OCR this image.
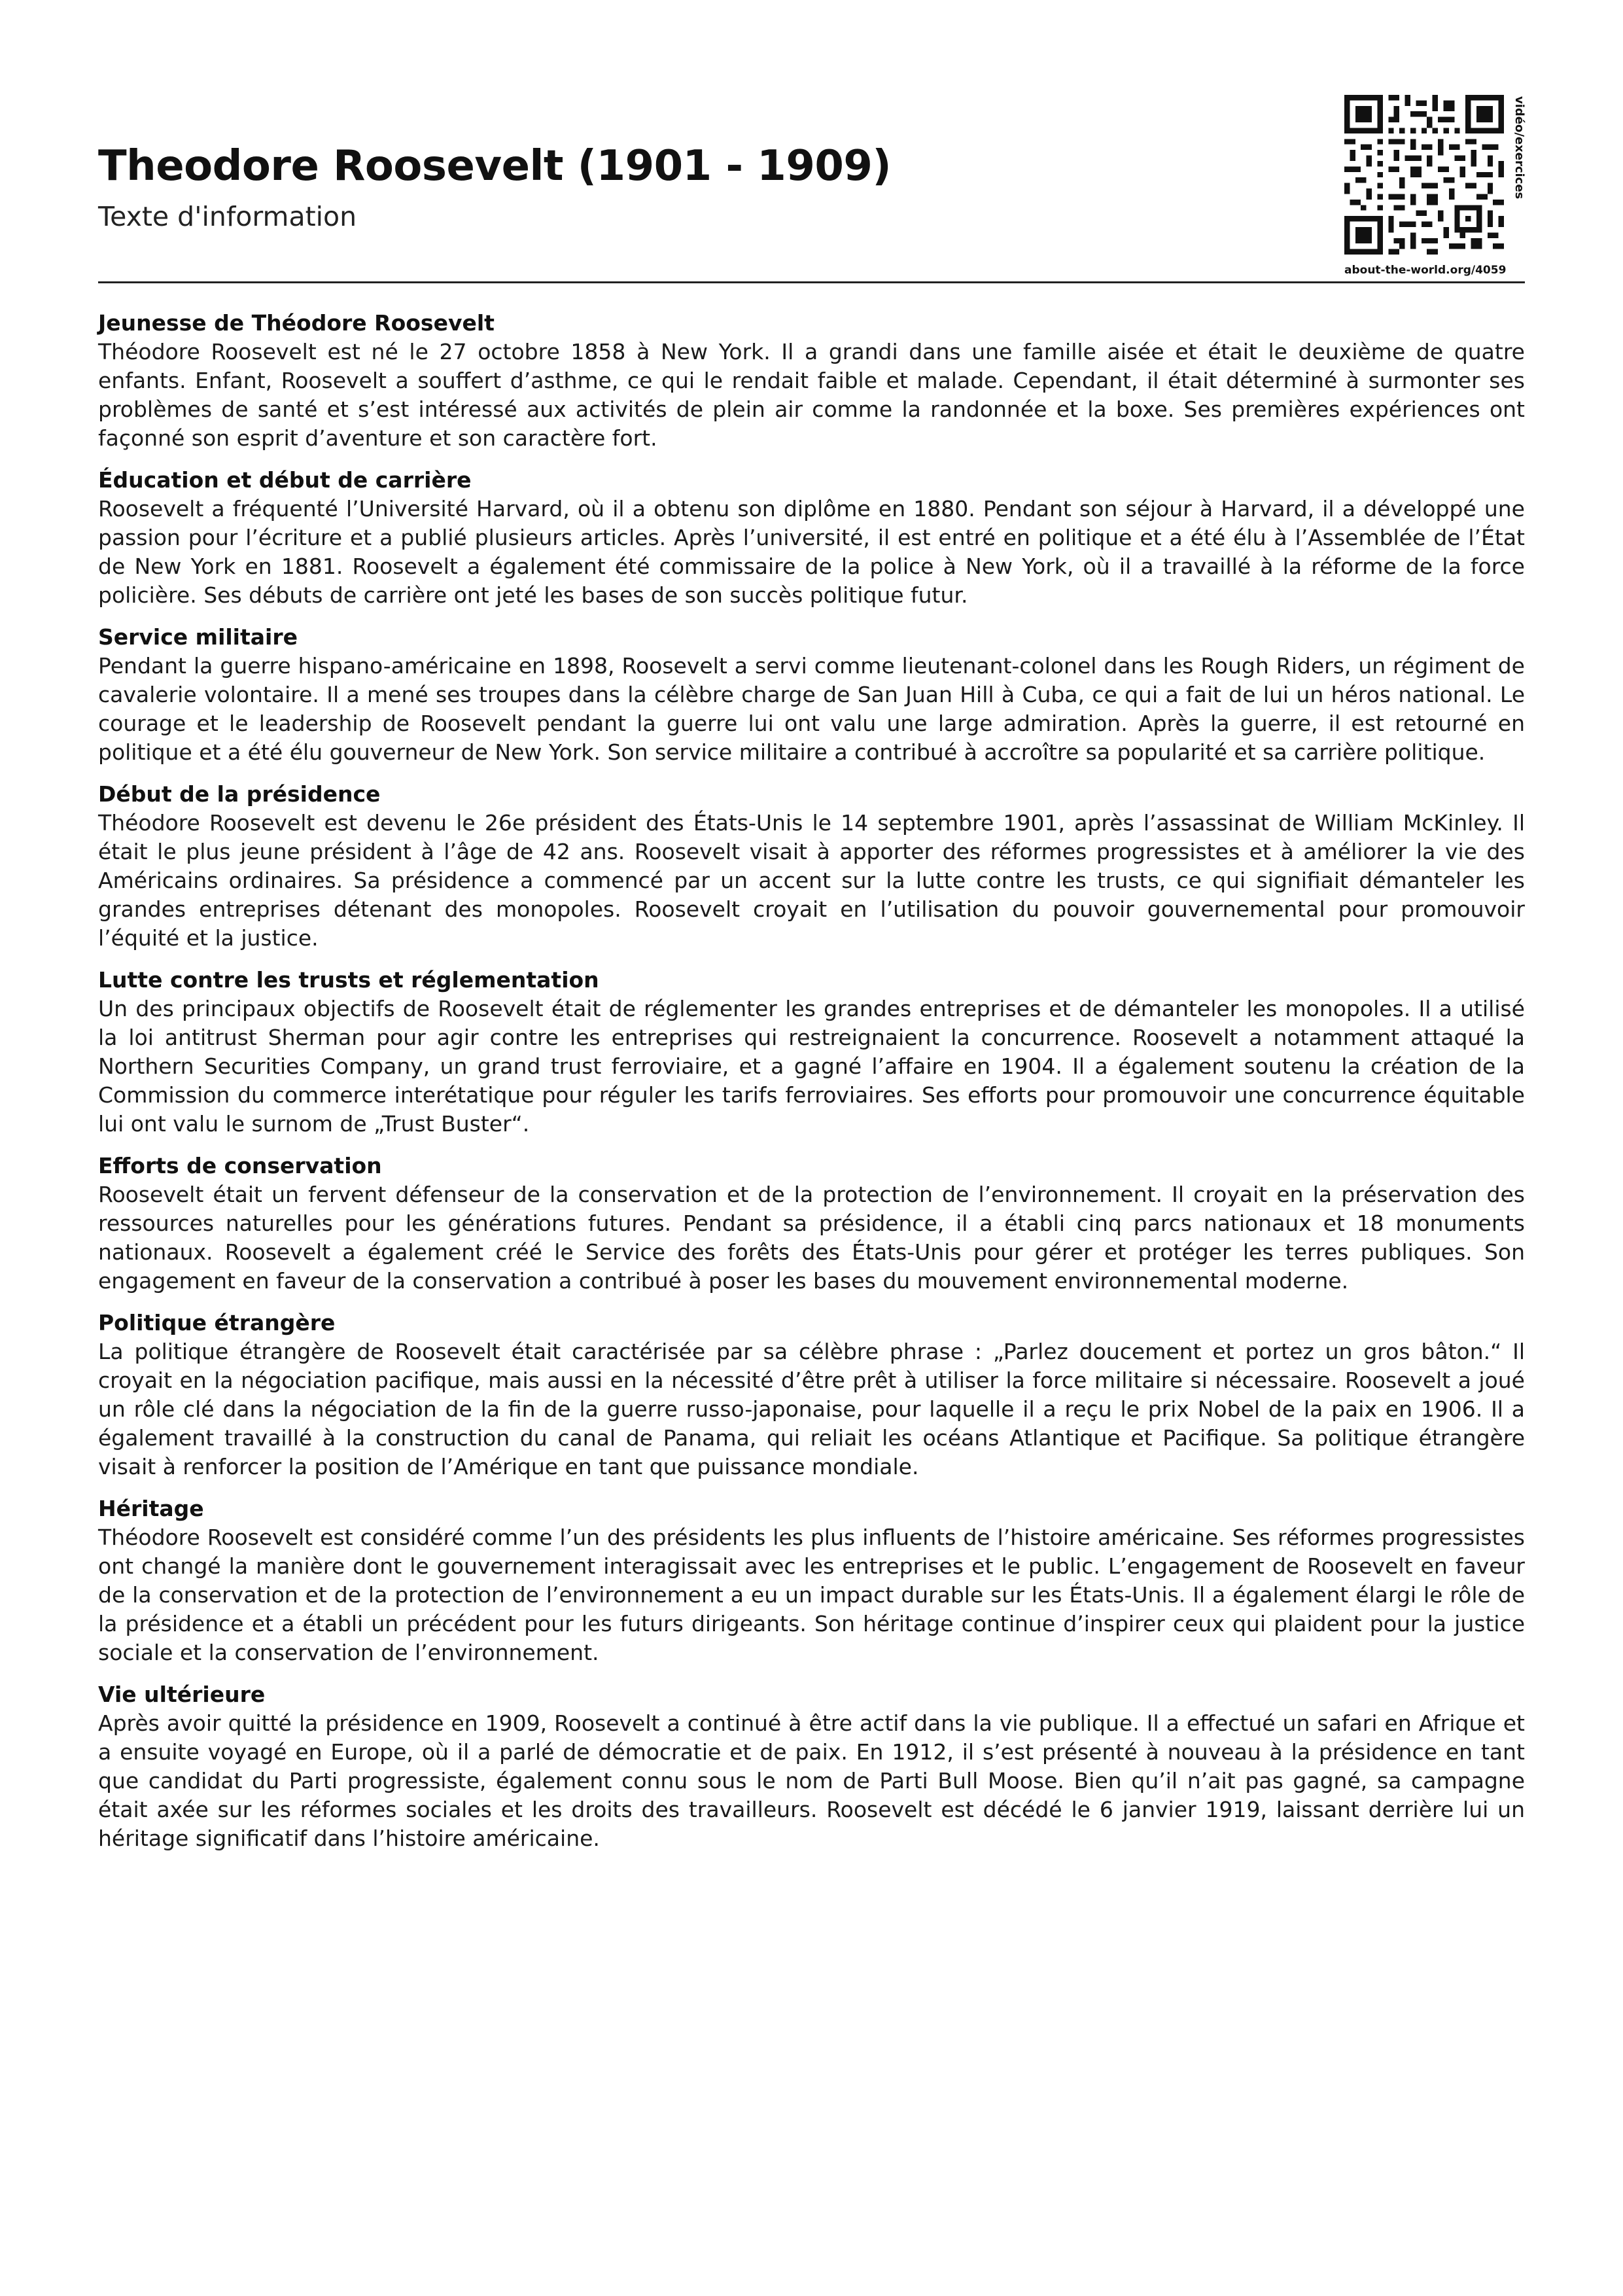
Theodore Roosevelt (1901 - 1909)
Texte d'information
vidéo/exercices
about-the-world.org/4059
Jeunesse de Théodore Roosevelt

Théodore Roosevelt est né le 27 octobre 1858 à New York. Il a grandi dans une famille aisée et était le deuxième de quatre enfants. Enfant, Roosevelt a souffert d’asthme, ce qui le rendait faible et malade. Cependant, il était déterminé à surmonter ses problèmes de santé et s’est intéressé aux activités de plein air comme la randonnée et la boxe. Ses premières expériences ont façonné son esprit d’aventure et son caractère fort.

Éducation et début de carrière

Roosevelt a fréquenté l’Université Harvard, où il a obtenu son diplôme en 1880. Pendant son séjour à Harvard, il a développé une passion pour l’écriture et a publié plusieurs articles. Après l’université, il est entré en politique et a été élu à l’Assemblée de l’État de New York en 1881. Roosevelt a également été commissaire de la police à New York, où il a travaillé à la réforme de la force policière. Ses débuts de carrière ont jeté les bases de son succès politique futur.

Service militaire

Pendant la guerre hispano-américaine en 1898, Roosevelt a servi comme lieutenant-colonel dans les Rough Riders, un régiment de cavalerie volontaire. Il a mené ses troupes dans la célèbre charge de San Juan Hill à Cuba, ce qui a fait de lui un héros national. Le courage et le leadership de Roosevelt pendant la guerre lui ont valu une large admiration. Après la guerre, il est retourné en politique et a été élu gouverneur de New York. Son service militaire a contribué à accroître sa popularité et sa carrière politique.

Début de la présidence

Théodore Roosevelt est devenu le 26e président des États-Unis le 14 septembre 1901, après l’assassinat de William McKinley. Il était le plus jeune président à l’âge de 42 ans. Roosevelt visait à apporter des réformes progressistes et à améliorer la vie des Américains ordinaires. Sa présidence a commencé par un accent sur la lutte contre les trusts, ce qui signifiait démanteler les grandes entreprises détenant des monopoles. Roosevelt croyait en l’utilisation du pouvoir gouvernemental pour promouvoir l’équité et la justice.

Lutte contre les trusts et réglementation

Un des principaux objectifs de Roosevelt était de réglementer les grandes entreprises et de démanteler les monopoles. Il a utilisé la loi antitrust Sherman pour agir contre les entreprises qui restreignaient la concurrence. Roosevelt a notamment attaqué la Northern Securities Company, un grand trust ferroviaire, et a gagné l’affaire en 1904. Il a également soutenu la création de la Commission du commerce interétatique pour réguler les tarifs ferroviaires. Ses efforts pour promouvoir une concurrence équitable lui ont valu le surnom de „Trust Buster“.

Efforts de conservation

Roosevelt était un fervent défenseur de la conservation et de la protection de l’environnement. Il croyait en la préservation des ressources naturelles pour les générations futures. Pendant sa présidence, il a établi cinq parcs nationaux et 18 monuments nationaux. Roosevelt a également créé le Service des forêts des États-Unis pour gérer et protéger les terres publiques. Son engagement en faveur de la conservation a contribué à poser les bases du mouvement environnemental moderne.

Politique étrangère

La politique étrangère de Roosevelt était caractérisée par sa célèbre phrase : „Parlez doucement et portez un gros bâton.“ Il croyait en la négociation pacifique, mais aussi en la nécessité d’être prêt à utiliser la force militaire si nécessaire. Roosevelt a joué un rôle clé dans la négociation de la fin de la guerre russo-japonaise, pour laquelle il a reçu le prix Nobel de la paix en 1906. Il a également travaillé à la construction du canal de Panama, qui reliait les océans Atlantique et Pacifique. Sa politique étrangère visait à renforcer la position de l’Amérique en tant que puissance mondiale.

Héritage

Théodore Roosevelt est considéré comme l’un des présidents les plus influents de l’histoire américaine. Ses réformes progressistes ont changé la manière dont le gouvernement interagissait avec les entreprises et le public. L’engagement de Roosevelt en faveur de la conservation et de la protection de l’environnement a eu un impact durable sur les États-Unis. Il a également élargi le rôle de la présidence et a établi un précédent pour les futurs dirigeants. Son héritage continue d’inspirer ceux qui plaident pour la justice sociale et la conservation de l’environnement.

Vie ultérieure

Après avoir quitté la présidence en 1909, Roosevelt a continué à être actif dans la vie publique. Il a effectué un safari en Afrique et a ensuite voyagé en Europe, où il a parlé de démocratie et de paix. En 1912, il s’est présenté à nouveau à la présidence en tant que candidat du Parti progressiste, également connu sous le nom de Parti Bull Moose. Bien qu’il n’ait pas gagné, sa campagne était axée sur les réformes sociales et les droits des travailleurs. Roosevelt est décédé le 6 janvier 1919, laissant derrière lui un héritage significatif dans l’histoire américaine.
